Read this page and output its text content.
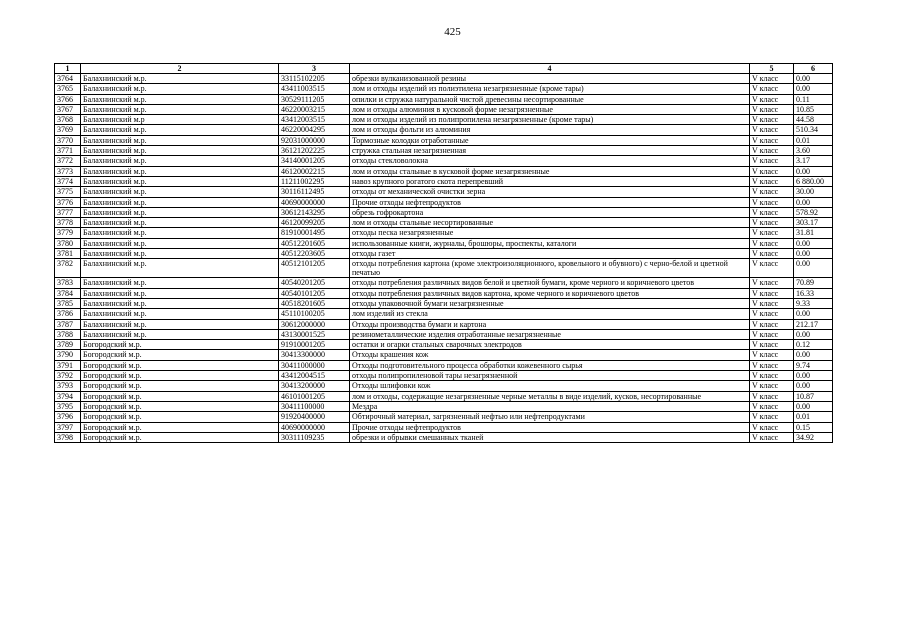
425
1	2	3	4	5	6
3764	Балахнинский м.р.	33115102205	обрезки вулканизованной резины	V класс	0.00
3765	Балахнинский м.р.	43411003515	лом и отходы изделий из полиэтилена незагрязненные (кроме тары)	V класс	0.00
3766	Балахнинский м.р.	30529111205	опилки и стружка натуральной чистой древесины несортированные	V класс	0.11
3767	Балахнинский м.р.	46220003215	лом и отходы алюминия в кусковой форме незагрязненные	V класс	10.85
3768	Балахнинский м.р	43412003515	лом и отходы изделий из полипропилена незагрязненные (кроме тары)	V класс	44.58
3769	Балахнинский м.р.	46220004295	лом и отходы фольги из алюминия	V класс	510.34
3770	Балахнинский м.р.	92031000000	Тормозные колодки отработанные	V класс	0.01
3771	Балахнинский м.р.	36121202225	стружка стальная незагрязненная	V класс	3.60
3772	Балахнинский м.р.	34140001205	отходы стекловолокна	V класс	3.17
3773	Балахнинский м.р.	46120002215	лом и отходы стальные в кусковой форме незагрязненные	V класс	0.00
3774	Балахнинский м.р.	11211002295	навоз крупного рогатого скота перепревший	V класс	6 880.00
3775	Балахнинский м.р.	30116112495	отходы от механической очистки зерна	V класс	30.00
3776	Балахнинский м.р.	40690000000	Прочие отходы нефтепродуктов	V класс	0.00
3777	Балахнинский м.р.	30612143295	обрезь гофрокартона	V класс	578.92
3778	Балахнинский м.р.	46120099205	лом и отходы стальные несортированные	V класс	303.17
3779	Балахнинский м.р.	81910001495	отходы песка незагрязненные	V класс	31.81
3780	Балахнинский м.р.	40512201605	использованные книги, журналы, брошюры, проспекты, каталоги	V класс	0.00
3781	Балахнинский м.р.	40512203605	отходы газет	V класс	0.00
3782	Балахнинский м.р.	40512101205	отходы потребления картона (кроме электроизоляционного, кровельного и обувного) с черно-белой и цветной печатью	V класс	0.00
3783	Балахнинский м.р.	40540201205	отходы потребления различных видов белой и цветной бумаги, кроме черного и коричневого цветов	V класс	70.89
3784	Балахнинский м.р.	40540101205	отходы потребления различных видов картона, кроме черного и коричневого цветов	V класс	16.33
3785	Балахнинский м.р.	40518201605	отходы упаковочной бумаги незагрязненные	V класс	9.33
3786	Балахнинский м.р.	45110100205	лом изделий из стекла	V класс	0.00
3787	Балахнинский м.р.	30612000000	Отходы производства бумаги и картона	V класс	212.17
3788	Балахнинский м.р.	43130001525	резинометаллические изделия отработанные незагрязненные	V класс	0.00
3789	Богородский м.р.	91910001205	остатки и огарки стальных сварочных электродов	V класс	0.12
3790	Богородский м.р.	30413300000	Отходы крашения кож	V класс	0.00
3791	Богородский м.р.	30411000000	Отходы подготовительного процесса обработки кожевенного сырья	V класс	9.74
3792	Богородский м.р.	43412004515	отходы полипропиленовой тары незагрязненной	V класс	0.00
3793	Богородский м.р.	30413200000	Отходы шлифовки кож	V класс	0.00
3794	Богородский м.р.	46101001205	лом и отходы, содержащие незагрязненные черные металлы в виде изделий, кусков, несортированные	V класс	10.87
3795	Богородский м.р.	30411100000	Мездра	V класс	0.00
3796	Богородский м.р.	91920400000	Обтирочный материал, загрязненный нефтью или нефтепродуктами	V класс	0.01
3797	Богородский м.р.	40690000000	Прочие отходы нефтепродуктов	V класс	0.15
3798	Богородский м.р.	30311109235	обрезки и обрывки смешанных тканей	V класс	34.92
